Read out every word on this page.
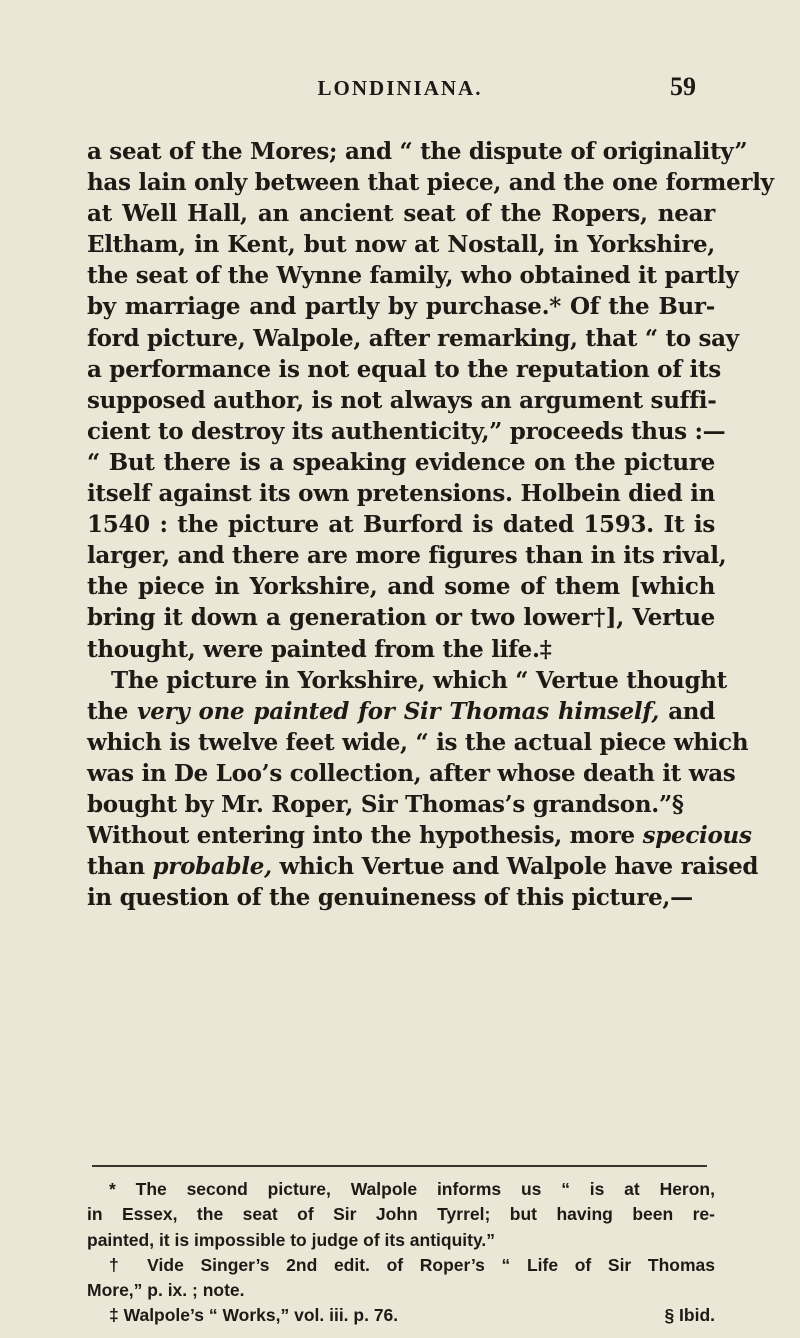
LONDINIANA.	59
a seat of the Mores; and “ the dispute of originality”
has lain only between that piece, and the one formerly
at Well Hall, an ancient seat of the Ropers, near
Eltham, in Kent, but now at Nostall, in Yorkshire,
the seat of the Wynne family, who obtained it partly
by marriage and partly by purchase.* Of the Bur-
ford picture, Walpole, after remarking, that “ to say
a performance is not equal to the reputation of its
supposed author, is not always an argument suffi-
cient to destroy its authenticity,” proceeds thus :—
“ But there is a speaking evidence on the picture
itself against its own pretensions. Holbein died in
1540 : the picture at Burford is dated 1593. It is
larger, and there are more figures than in its rival,
the piece in Yorkshire, and some of them [which
bring it down a generation or two lower†], Vertue
thought, were painted from the life.‡
The picture in Yorkshire, which “ Vertue thought
the very one painted for Sir Thomas himself, and
which is twelve feet wide, “ is the actual piece which
was in De Loo’s collection, after whose death it was
bought by Mr. Roper, Sir Thomas’s grandson.”§
Without entering into the hypothesis, more specious
than probable, which Vertue and Walpole have raised
in question of the genuineness of this picture,—
* The second picture, Walpole informs us “ is at Heron,
in Essex, the seat of Sir John Tyrrel; but having been re-
painted, it is impossible to judge of its antiquity.”
† Vide Singer’s 2nd edit. of Roper’s “ Life of Sir Thomas
More,” p. ix. ; note.
‡ Walpole’s “ Works,” vol. iii. p. 76.	§ Ibid.
